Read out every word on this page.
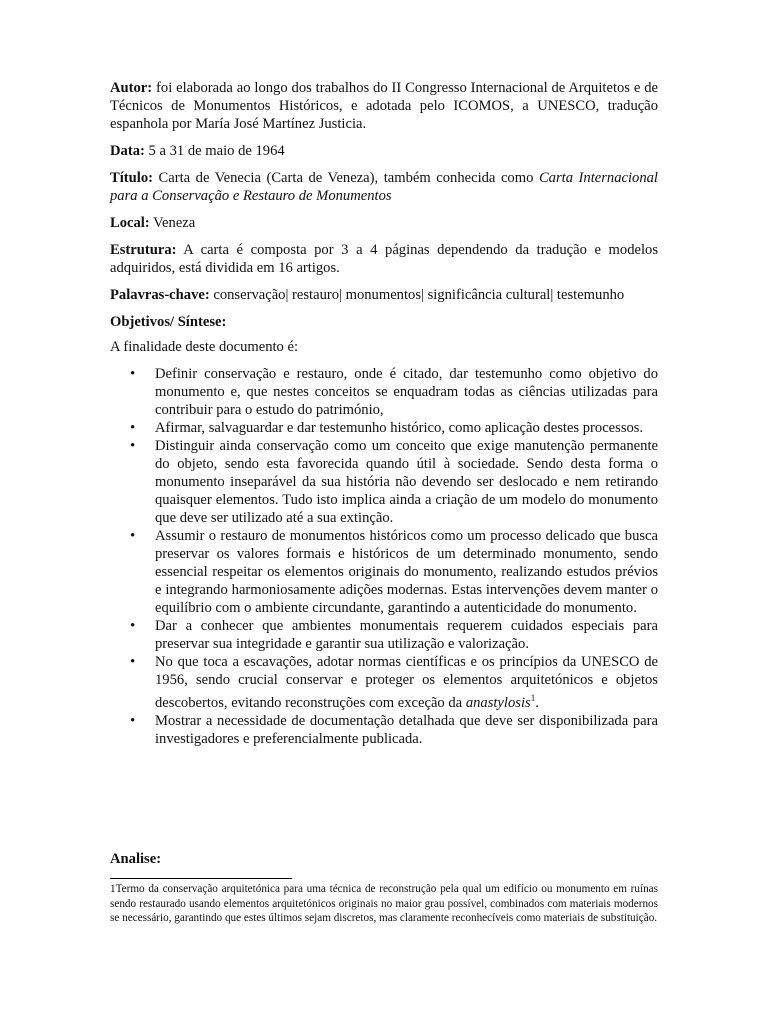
Autor: foi elaborada ao longo dos trabalhos do II Congresso Internacional de Arquitetos e de Técnicos de Monumentos Históricos, e adotada pelo ICOMOS, a UNESCO, tradução espanhola por María José Martínez Justicia.

Data: 5 a 31 de maio de 1964

Título: Carta de Venecia (Carta de Veneza), também conhecida como Carta Internacional para a Conservação e Restauro de Monumentos

Local: Veneza

Estrutura: A carta é composta por 3 a 4 páginas dependendo da tradução e modelos adquiridos, está dividida em 16 artigos.

Palavras-chave: conservação| restauro| monumentos| significância cultural| testemunho

Objetivos/ Síntese:

A finalidade deste documento é:

• Definir conservação e restauro, onde é citado, dar testemunho como objetivo do monumento e, que nestes conceitos se enquadram todas as ciências utilizadas para contribuir para o estudo do património,
• Afirmar, salvaguardar e dar testemunho histórico, como aplicação destes processos.
• Distinguir ainda conservação como um conceito que exige manutenção permanente do objeto, sendo esta favorecida quando útil à sociedade. Sendo desta forma o monumento inseparável da sua história não devendo ser deslocado e nem retirando quaisquer elementos. Tudo isto implica ainda a criação de um modelo do monumento que deve ser utilizado até a sua extinção.
• Assumir o restauro de monumentos históricos como um processo delicado que busca preservar os valores formais e históricos de um determinado monumento, sendo essencial respeitar os elementos originais do monumento, realizando estudos prévios e integrando harmoniosamente adições modernas. Estas intervenções devem manter o equilíbrio com o ambiente circundante, garantindo a autenticidade do monumento.
• Dar a conhecer que ambientes monumentais requerem cuidados especiais para preservar sua integridade e garantir sua utilização e valorização.
• No que toca a escavações, adotar normas científicas e os princípios da UNESCO de 1956, sendo crucial conservar e proteger os elementos arquitetónicos e objetos descobertos, evitando reconstruções com exceção da anastylosis$^1$.
• Mostrar a necessidade de documentação detalhada que deve ser disponibilizada para investigadores e preferencialmente publicada.
Analise:

1Termo da conservação arquitetónica para uma técnica de reconstrução pela qual um edifício ou monumento em ruínas sendo restaurado usando elementos arquitetónicos originais no maior grau possível, combinados com materiais modernos se necessário, garantindo que estes últimos sejam discretos, mas claramente reconhecíveis como materiais de substituição.
